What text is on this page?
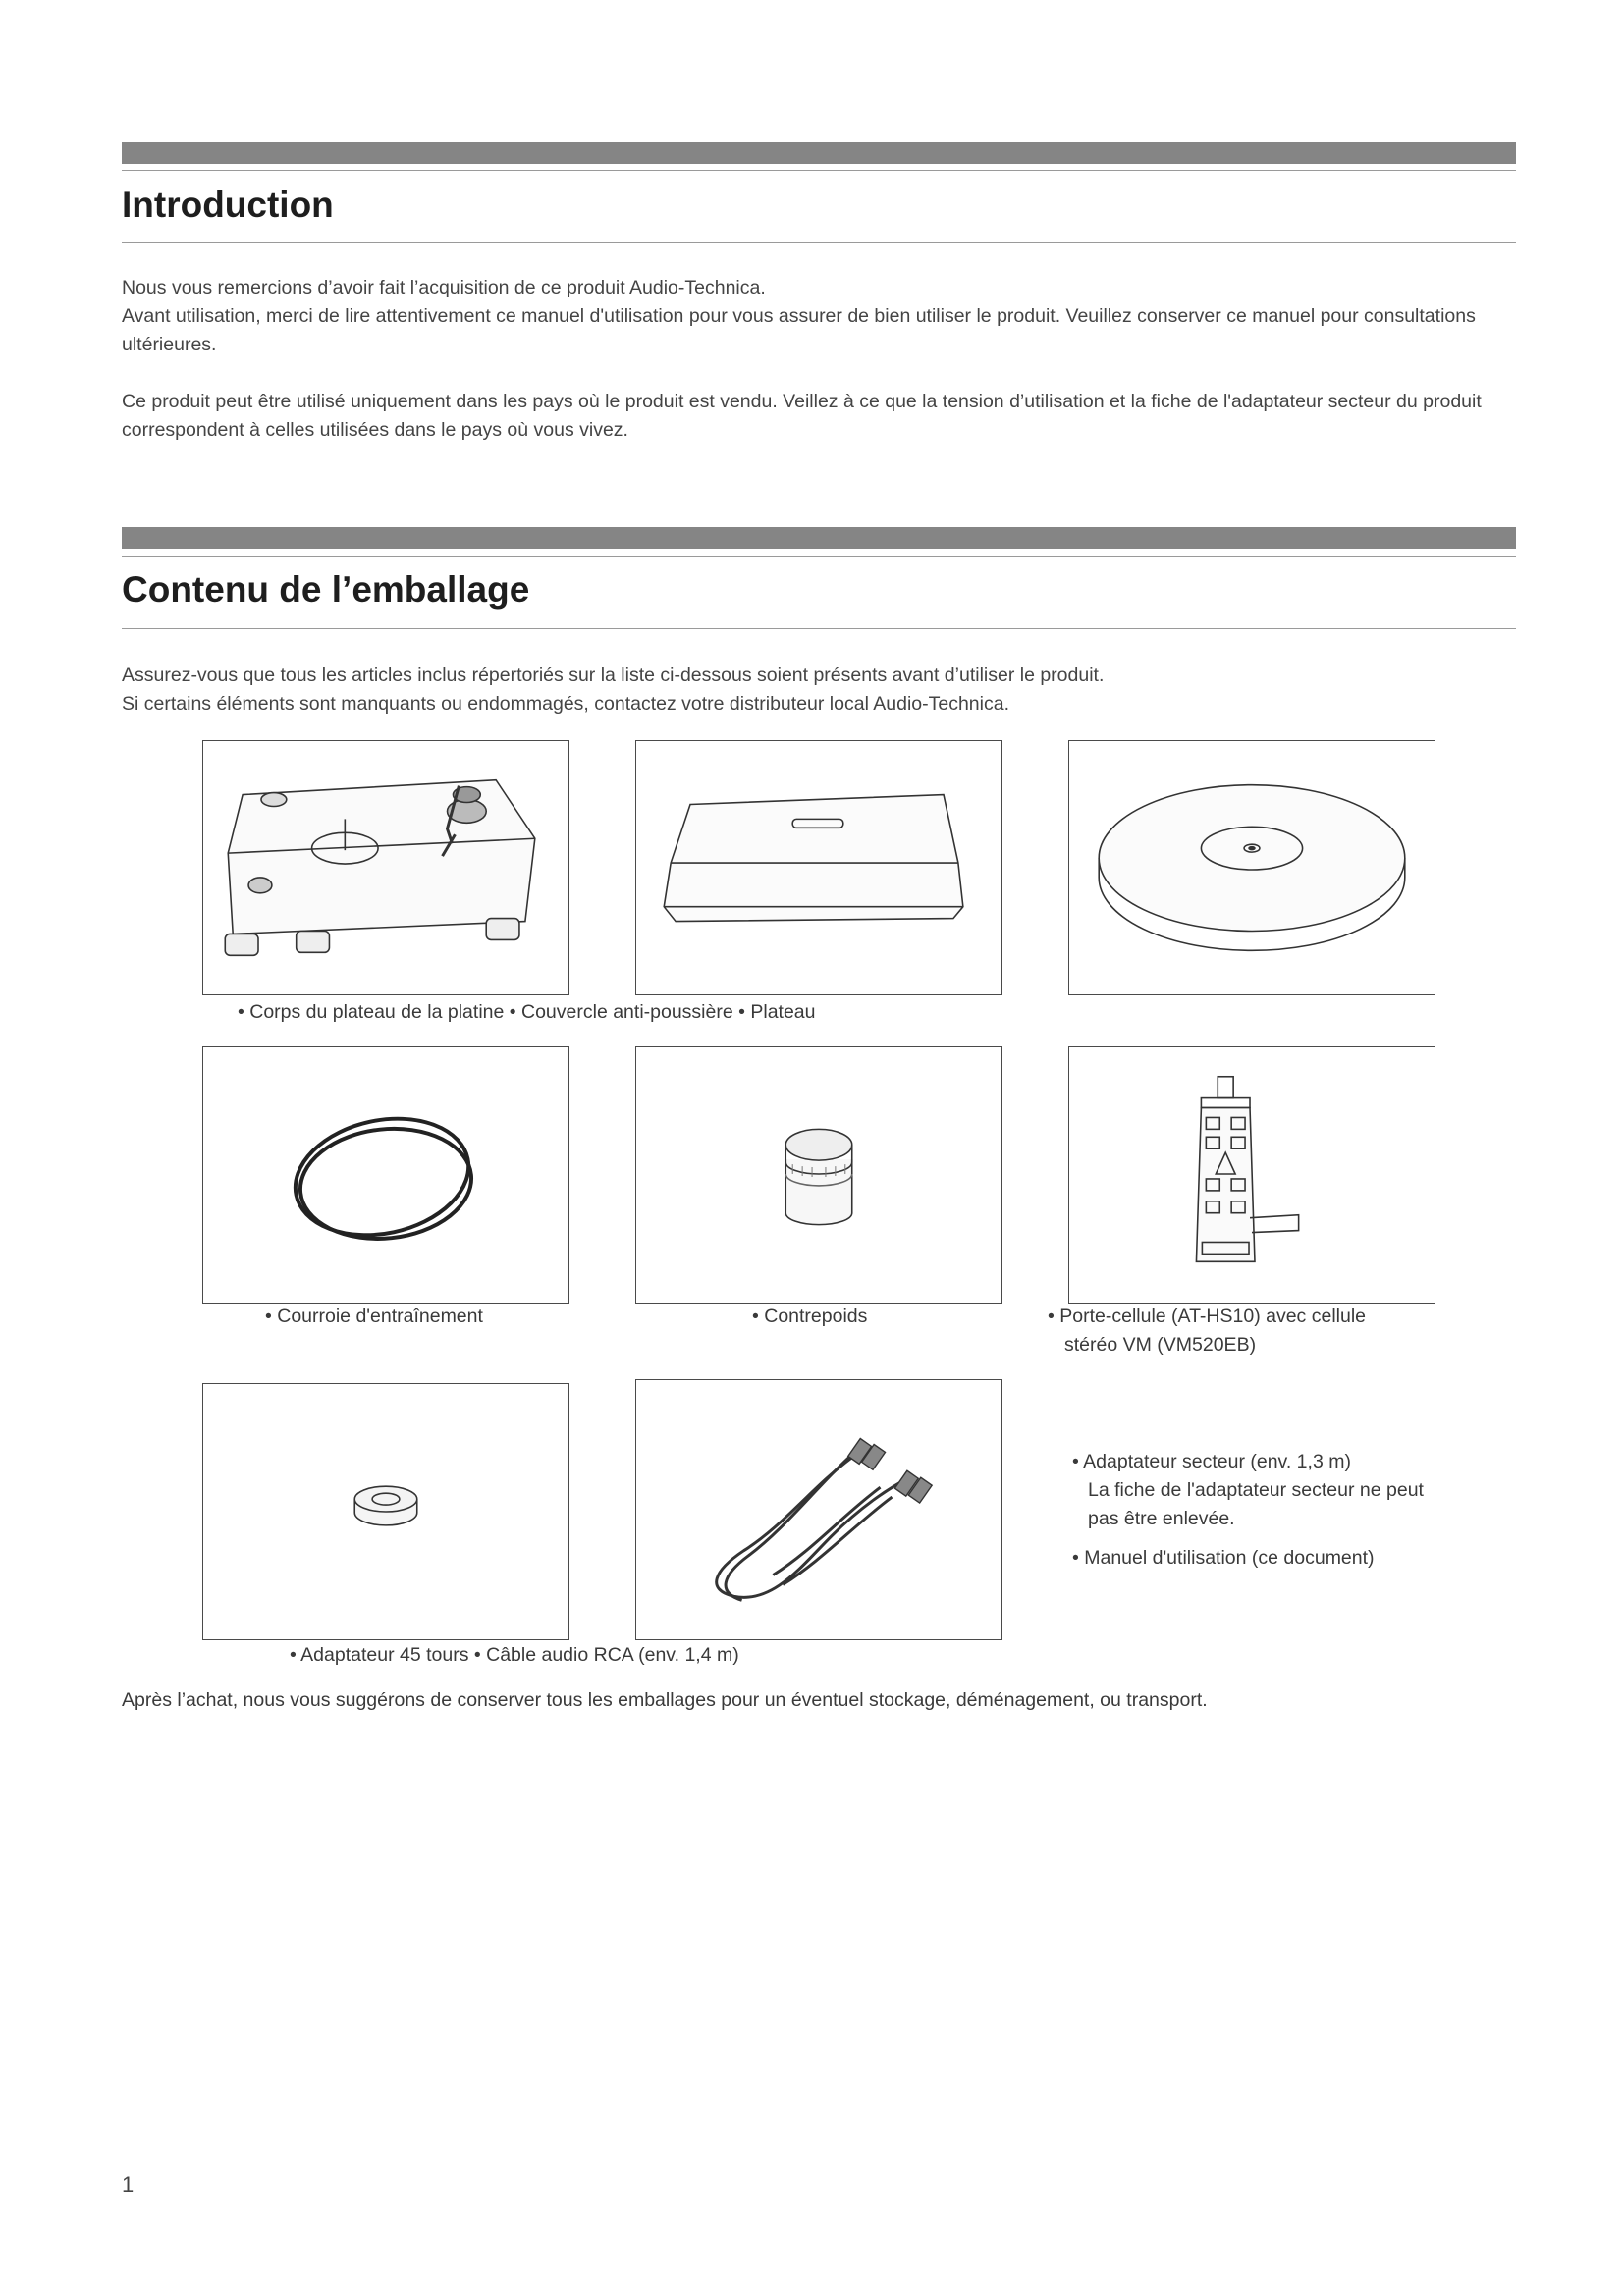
Introduction

Nous vous remercions d’avoir fait l’acquisition de ce produit Audio-Technica.

Avant utilisation, merci de lire attentivement ce manuel d'utilisation pour vous assurer de bien utiliser le produit. Veuillez conserver ce manuel pour consultations ultérieures.

Ce produit peut être utilisé uniquement dans les pays où le produit est vendu. Veillez à ce que la tension d’utilisation et la fiche de l'adaptateur secteur du produit correspondent à celles utilisées dans le pays où vous vivez.

Contenu de l’emballage

Assurez-vous que tous les articles inclus répertoriés sur la liste ci-dessous soient présents avant d’utiliser le produit.

Si certains éléments sont manquants ou endommagés, contactez votre distributeur local Audio-Technica.

• Corps du plateau de la platine • Couvercle anti-poussière • Plateau
• Courroie d'entraînement	• Contrepoids	• Porte-cellule (AT-HS10) avec cellule
stéréo VM (VM520EB)
• Adaptateur secteur (env. 1,3 m)
La fiche de l'adaptateur secteur ne peut
pas être enlevée.
• Manuel d'utilisation (ce document)
• Adaptateur 45 tours • Câble audio RCA (env. 1,4 m)
Après l’achat, nous vous suggérons de conserver tous les emballages pour un éventuel stockage, déménagement, ou transport.
1
